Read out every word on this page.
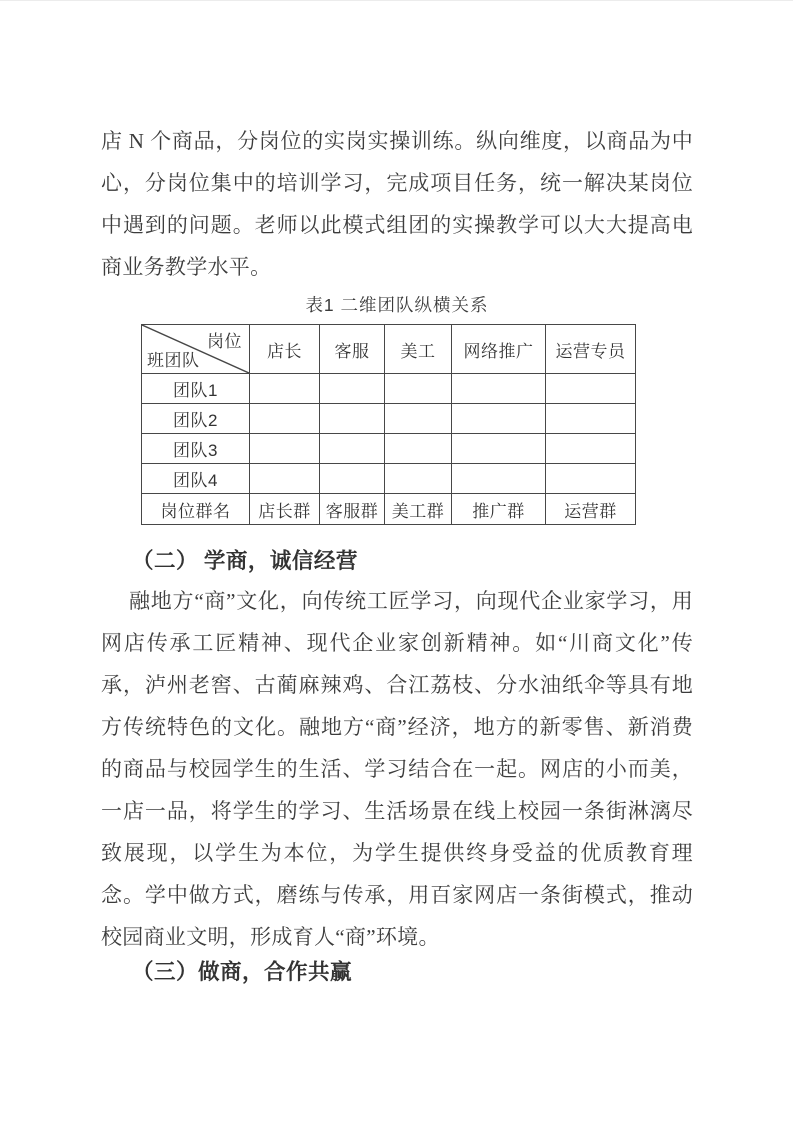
店 N 个商品，分岗位的实岗实操训练。纵向维度，以商品为中心，分岗位集中的培训学习，完成项目任务，统一解决某岗位中遇到的问题。老师以此模式组团的实操教学可以大大提高电商业务教学水平。
表1 二维团队纵横关系
岗位
班团队	店长	客服	美工	网络推广	运营专员
团队1					
团队2					
团队3					
团队4					
岗位群名	店长群	客服群	美工群	推广群	运营群
（二） 学商，诚信经营
融地方“商”文化，向传统工匠学习，向现代企业家学习，用网店传承工匠精神、现代企业家创新精神。如“川商文化”传承，泸州老窖、古蔺麻辣鸡、合江荔枝、分水油纸伞等具有地方传统特色的文化。融地方“商”经济，地方的新零售、新消费的商品与校园学生的生活、学习结合在一起。网店的小而美，一店一品，将学生的学习、生活场景在线上校园一条街淋漓尽致展现，以学生为本位，为学生提供终身受益的优质教育理念。学中做方式，磨练与传承，用百家网店一条街模式，推动校园商业文明，形成育人“商”环境。
（三）做商，合作共赢
